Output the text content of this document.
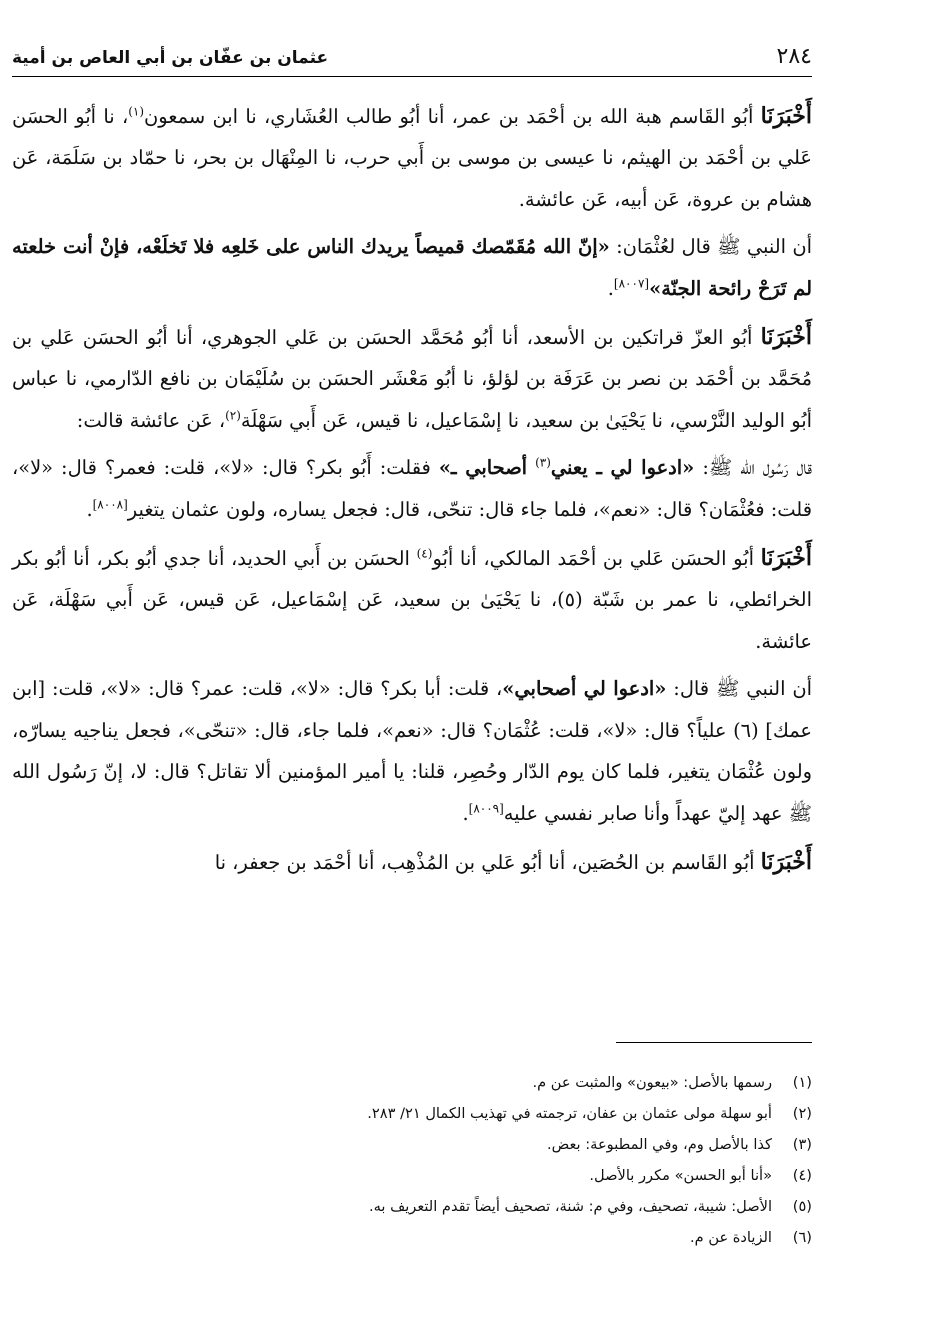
٢٨٤
عثمان بن عفّان بن أبي العاص بن أمية

أَخْبَرَنَا أبُو القَاسم هبة الله بن أحْمَد بن عمر، أنا أبُو طالب العُشَاري، نا ابن سمعون$^{(١)}$، نا أبُو الحسَن عَلي بن أحْمَد بن الهيثم، نا عيسى بن موسى بن أَبي حرب، نا المِنْهَال بن بحر، نا حمّاد بن سَلَمَة، عَن هشام بن عروة، عَن أبيه، عَن عائشة.

أن النبي ﷺ قال لعُثْمَان: «إنّ الله مُقَمّصك قميصاً يريدك الناس على خَلعِه فلا تَخلَعْه، فإنْ أنت خلعته لم تَرَحْ رائحة الجنّة»[٨٠٠٧].

أَخْبَرَنَا أبُو العزّ قراتكين بن الأسعد، أنا أبُو مُحَمَّد الحسَن بن عَلي الجوهري، أنا أبُو الحسَن عَلي بن مُحَمَّد بن أحْمَد بن نصر بن عَرَفَة بن لؤلؤ، نا أبُو مَعْشَر الحسَن بن سُلَيْمَان بن نافع الدّارمي، نا عباس أبُو الوليد النَّرْسي، نا يَحْيَىٰ بن سعيد، نا إسْمَاعيل، نا قيس، عَن أَبي سَهْلَة$^{(٢)}$، عَن عائشة قالت:

قال رَسُول الله ﷺ: «ادعوا لي ـ يعني$^{(٣)}$ أصحابي ـ» فقلت: أَبُو بكر؟ قال: «لا»، قلت: فعمر؟ قال: «لا»، قلت: فعُثْمَان؟ قال: «نعم»، فلما جاء قال: تنحّى، قال: فجعل يساره، ولون عثمان يتغير[٨٠٠٨].

أَخْبَرَنَا أبُو الحسَن عَلي بن أحْمَد المالكي، أنا أبُو$^{(٤)}$ الحسَن بن أَبي الحديد، أنا جدي أبُو بكر، أنا أبُو بكر الخرائطي، نا عمر بن شَبّة (٥)، نا يَحْيَىٰ بن سعيد، عَن إسْمَاعيل، عَن قيس، عَن أَبي سَهْلَة، عَن عائشة.

أن النبي ﷺ قال: «ادعوا لي أصحابي»، قلت: أبا بكر؟ قال: «لا»، قلت: عمر؟ قال: «لا»، قلت: [ابن عمك] (٦) علياً؟ قال: «لا»، قلت: عُثْمَان؟ قال: «نعم»، فلما جاء، قال: «تنحّى»، فجعل يناجيه يسارّه، ولون عُثْمَان يتغير، فلما كان يوم الدّار وحُصِر، قلنا: يا أمير المؤمنين ألا تقاتل؟ قال: لا، إنّ رَسُول الله ﷺ عهد إليّ عهداً وأنا صابر نفسي عليه[٨٠٠٩].

أَخْبَرَنَا أبُو القَاسم بن الحُصَين، أنا أبُو عَلي بن المُذْهِب، أنا أحْمَد بن جعفر، نا

(١)رسمها بالأصل: «بيعون» والمثبت عن م.
(٢)أبو سهلة مولى عثمان بن عفان، ترجمته في تهذيب الكمال ٢١/ ٢٨٣.
(٣)كذا بالأصل وم، وفي المطبوعة: بعض.
(٤)«أنا أبو الحسن» مكرر بالأصل.
(٥)الأصل: شيبة، تصحيف، وفي م: شنة، تصحيف أيضاً تقدم التعريف به.
(٦)الزيادة عن م.
